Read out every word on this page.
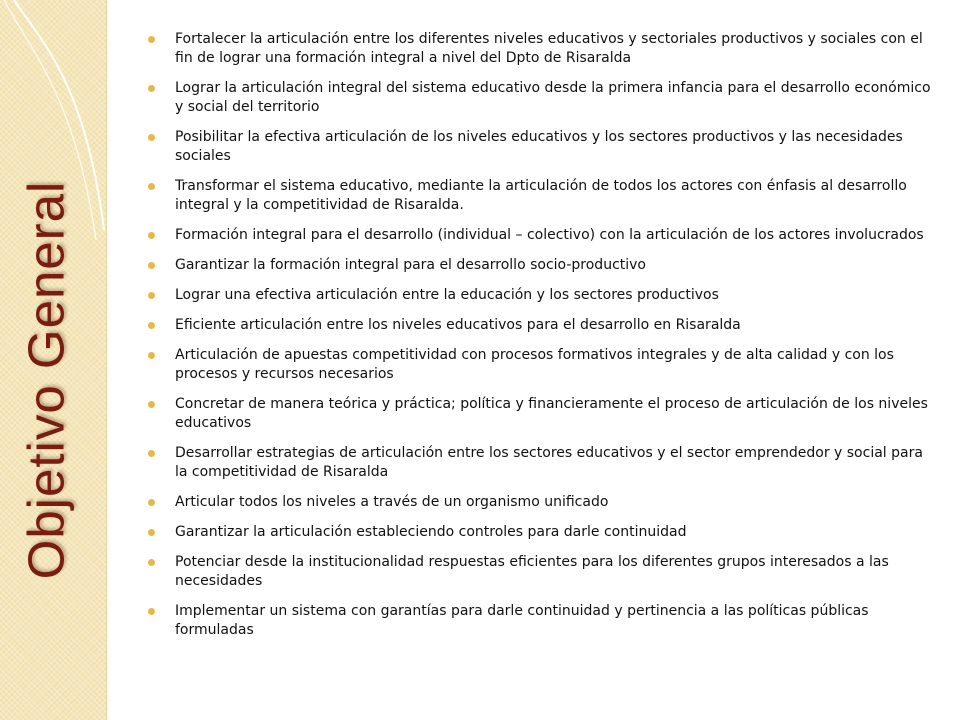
Objetivo General
Fortalecer la articulación entre los diferentes niveles educativos y sectoriales productivos y sociales con el fin de lograr una formación integral a nivel del Dpto de Risaralda
Lograr la articulación integral del sistema educativo desde la primera infancia para el desarrollo económico y social del territorio
Posibilitar la efectiva articulación de los niveles educativos y los sectores productivos y las necesidades sociales
Transformar el sistema educativo, mediante la articulación de todos los actores con énfasis al desarrollo integral y la competitividad de Risaralda.
Formación integral para el desarrollo (individual – colectivo) con la articulación de los actores involucrados
Garantizar la formación integral para el desarrollo socio-productivo
Lograr una efectiva articulación entre la educación y los sectores productivos
Eficiente articulación entre los niveles educativos para el desarrollo en Risaralda
Articulación de apuestas competitividad con procesos formativos integrales y de alta calidad y con los procesos y recursos necesarios
Concretar de manera teórica y práctica; política y financieramente el proceso de articulación de los niveles educativos
Desarrollar estrategias de articulación entre los sectores educativos y el sector emprendedor y social para la competitividad de Risaralda
Articular todos los niveles a través de un organismo unificado
Garantizar la articulación estableciendo controles para darle continuidad
Potenciar desde la institucionalidad respuestas eficientes para los diferentes grupos interesados a las necesidades
Implementar un sistema con garantías para darle continuidad y pertinencia a las políticas públicas formuladas
